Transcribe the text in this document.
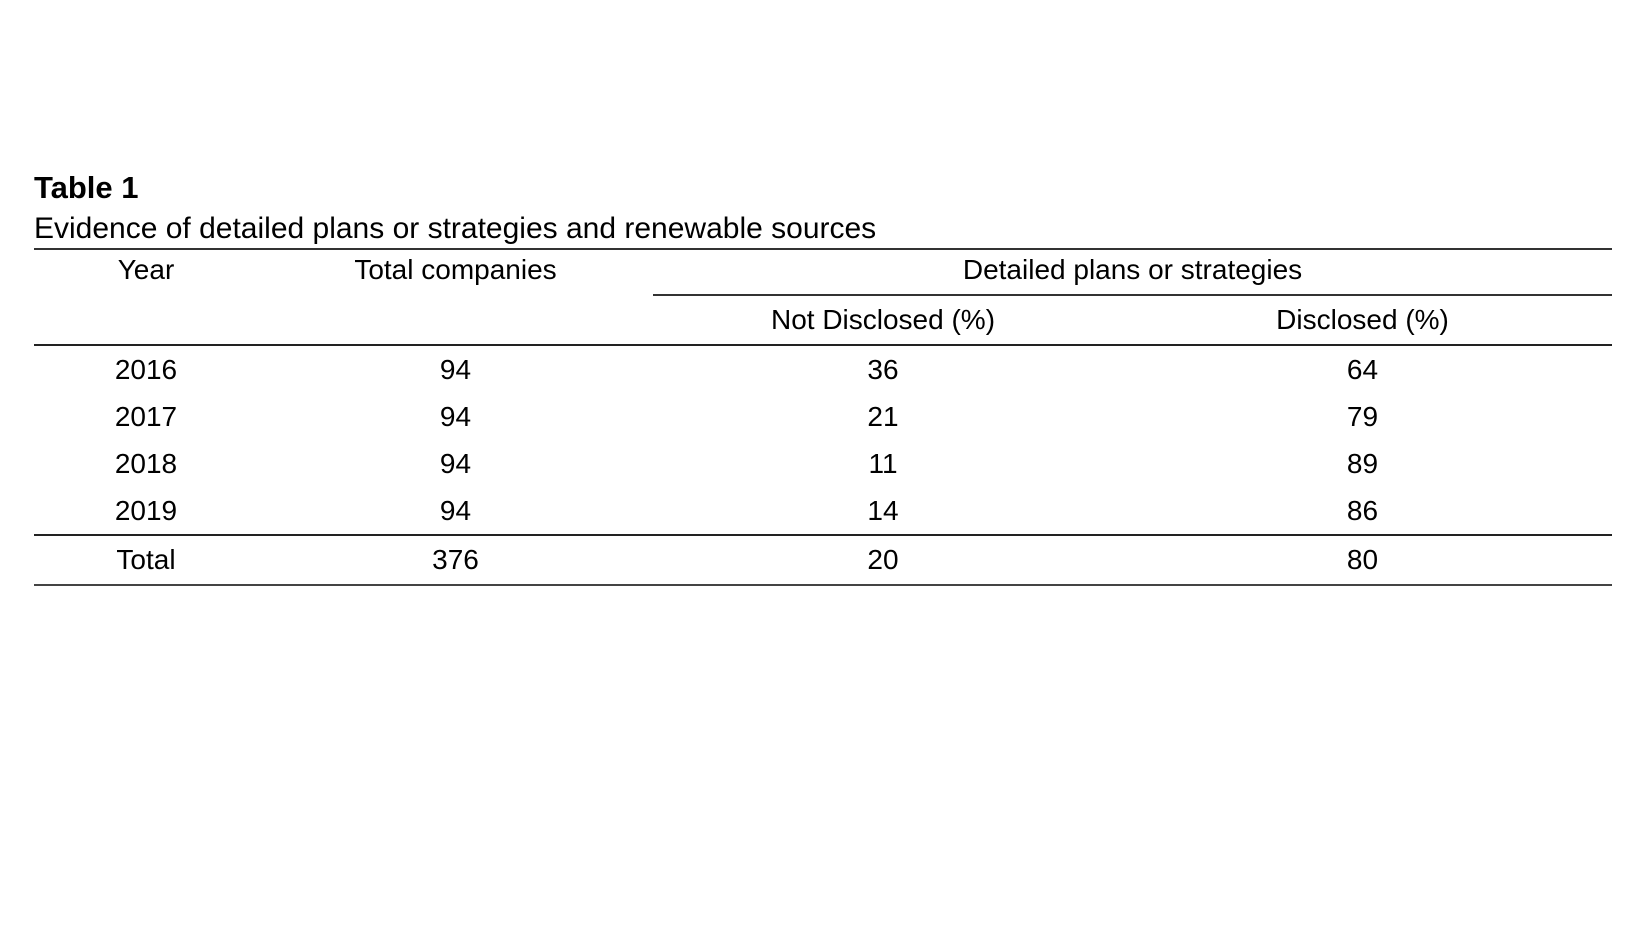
Table 1

Evidence of detailed plans or strategies and renewable sources

Year	Total companies	Detailed plans or strategies	
		Not Disclosed (%)	Disclosed (%)
2016	94	36	64
2017	94	21	79
2018	94	11	89
2019	94	14	86
Total	376	20	80
